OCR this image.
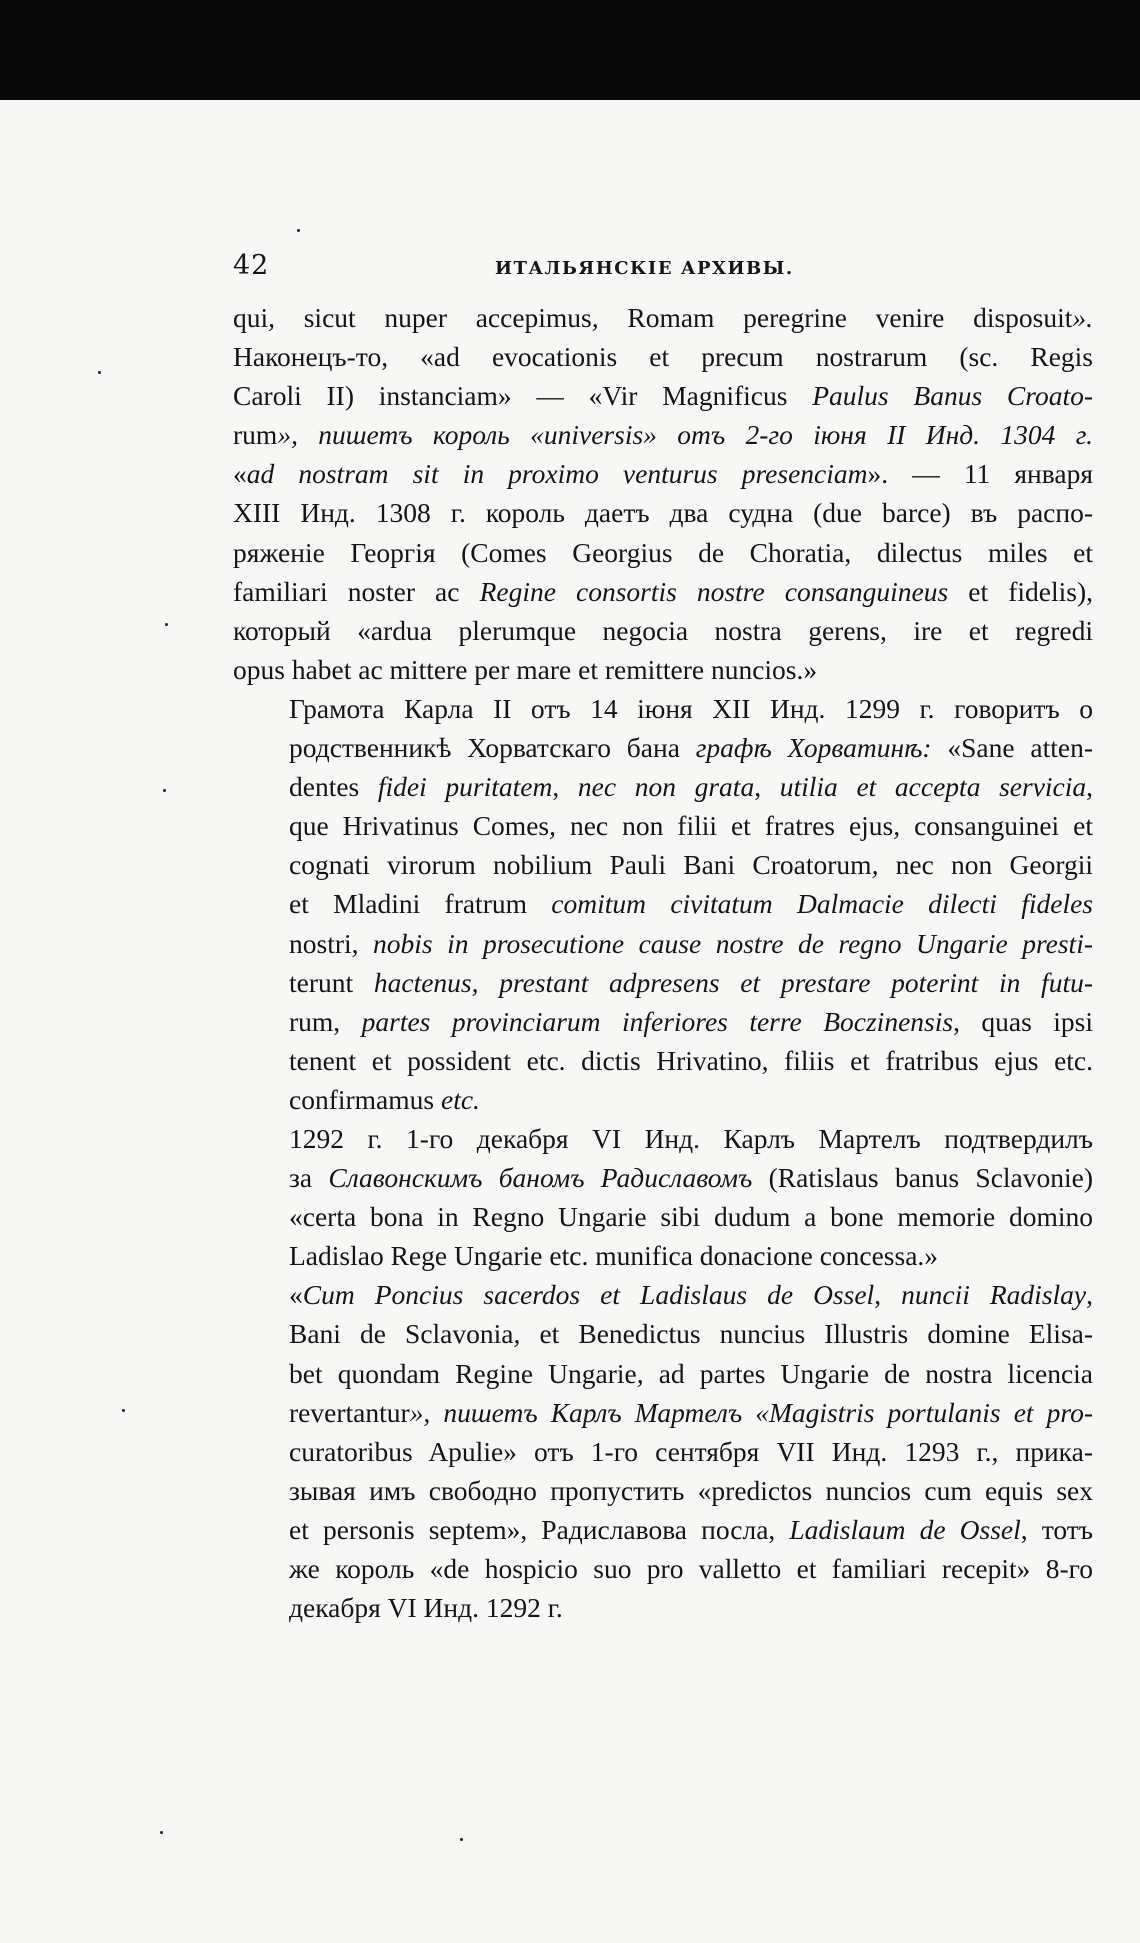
42	ИТАЛЬЯНСКІЕ АРХИВЫ.

qui, sicut nuper accepimus, Romam peregrine venire disposuit».
Наконецъ-то, «ad evocationis et precum nostrarum (sc. Regis
Caroli II) instanciam» — «Vir Magnificus Paulus Banus Croato-
rum», пишетъ король «universis» отъ 2-го іюня II Инд. 1304 г.
«ad nostram sit in proximo venturus presenciam». — 11 января
XIII Инд. 1308 г. король даетъ два судна (due barce) въ распо-
ряженіе Георгія (Comes Georgius de Choratia, dilectus miles et
familiari noster ac Regine consortis nostre consanguineus et fidelis),
который «ardua plerumque negocia nostra gerens, ire et regredi
opus habet ac mittere per mare et remittere nuncios.»

Грамота Карла II отъ 14 іюня XII Инд. 1299 г. говоритъ о
родственникѣ Хорватскаго бана графѣ Хорватинѣ: «Sane atten-
dentes fidei puritatem, nec non grata, utilia et accepta servicia,
que Hrivatinus Comes, nec non filii et fratres ejus, consanguinei et
cognati virorum nobilium Pauli Bani Croatorum, nec non Georgii
et Mladini fratrum comitum civitatum Dalmacie dilecti fideles
nostri, nobis in prosecutione cause nostre de regno Ungarie presti-
terunt hactenus, prestant adpresens et prestare poterint in futu-
rum, partes provinciarum inferiores terre Boczinensis, quas ipsi
tenent et possident etc. dictis Hrivatino, filiis et fratribus ejus etc.
confirmamus etc.

1292 г. 1-го декабря VI Инд. Карлъ Мартелъ подтвердилъ
за Славонскимъ баномъ Радиславомъ (Ratislaus banus Sclavonie)
«certa bona in Regno Ungarie sibi dudum a bone memorie domino
Ladislao Rege Ungarie etc. munifica donacione concessa.»

«Cum Poncius sacerdos et Ladislaus de Ossel, nuncii Radislay,
Bani de Sclavonia, et Benedictus nuncius Illustris domine Elisa-
bet quondam Regine Ungarie, ad partes Ungarie de nostra licencia
revertantur», пишетъ Карлъ Мартелъ «Magistris portulanis et pro-
curatoribus Apulie» отъ 1-го сентября VII Инд. 1293 г., прика-
зывая имъ свободно пропустить «predictos nuncios cum equis sex
et personis septem», Радиславова посла, Ladislaum de Ossel, тотъ
же король «de hospicio suo pro valletto et familiari recepit» 8-го
декабря VI Инд. 1292 г.
